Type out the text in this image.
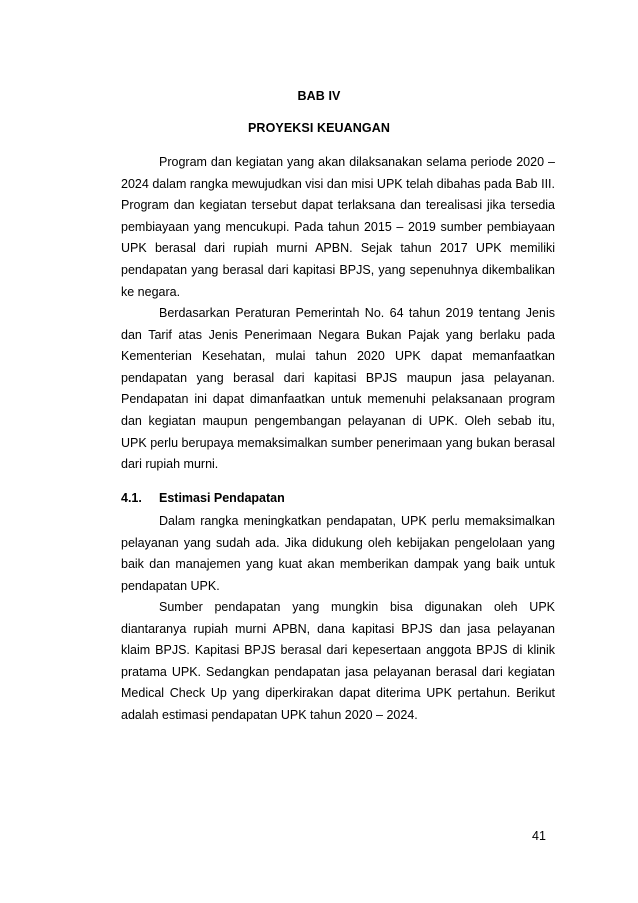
BAB IV
PROYEKSI KEUANGAN

Program dan kegiatan yang akan dilaksanakan selama periode 2020 – 2024 dalam rangka mewujudkan visi dan misi UPK telah dibahas pada Bab III. Program dan kegiatan tersebut dapat terlaksana dan terealisasi jika tersedia pembiayaan yang mencukupi. Pada tahun 2015 – 2019 sumber pembiayaan UPK berasal dari rupiah murni APBN. Sejak tahun 2017 UPK memiliki pendapatan yang berasal dari kapitasi BPJS, yang sepenuhnya dikembalikan ke negara.

Berdasarkan Peraturan Pemerintah No. 64 tahun 2019 tentang Jenis dan Tarif atas Jenis Penerimaan Negara Bukan Pajak yang berlaku pada Kementerian Kesehatan, mulai tahun 2020 UPK dapat memanfaatkan pendapatan yang berasal dari kapitasi BPJS maupun jasa pelayanan. Pendapatan ini dapat dimanfaatkan untuk memenuhi pelaksanaan program dan kegiatan maupun pengembangan pelayanan di UPK. Oleh sebab itu, UPK perlu berupaya memaksimalkan sumber penerimaan yang bukan berasal dari rupiah murni.

4.1. Estimasi Pendapatan

Dalam rangka meningkatkan pendapatan, UPK perlu memaksimalkan pelayanan yang sudah ada. Jika didukung oleh kebijakan pengelolaan yang baik dan manajemen yang kuat akan memberikan dampak yang baik untuk pendapatan UPK.

Sumber pendapatan yang mungkin bisa digunakan oleh UPK diantaranya rupiah murni APBN, dana kapitasi BPJS dan jasa pelayanan klaim BPJS. Kapitasi BPJS berasal dari kepesertaan anggota BPJS di klinik pratama UPK. Sedangkan pendapatan jasa pelayanan berasal dari kegiatan Medical Check Up yang diperkirakan dapat diterima UPK pertahun. Berikut adalah estimasi pendapatan UPK tahun 2020 – 2024.

41
